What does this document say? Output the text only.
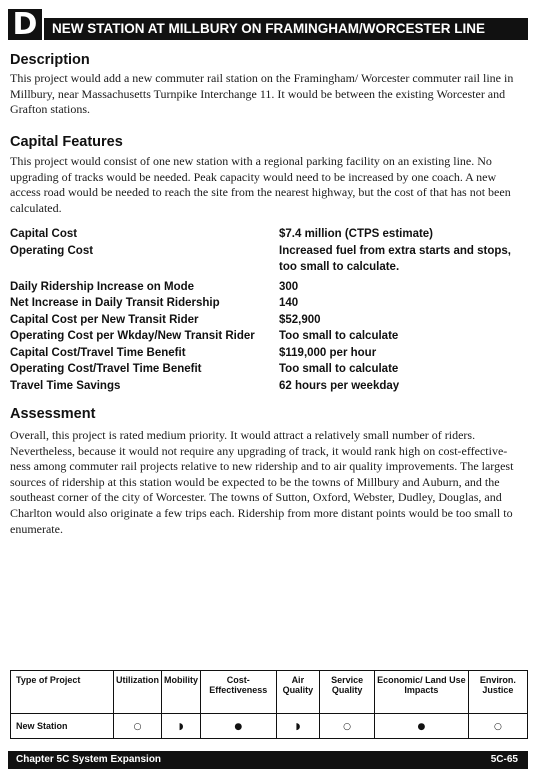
D	NEW STATION AT MILLBURY ON FRAMINGHAM/WORCESTER LINE
Description

This project would add a new commuter rail station on the Framingham/ Worcester commuter rail line in Millbury, near Massachusetts Turnpike Interchange 11. It would be between the existing Worcester and Grafton stations.

Capital Features

This project would consist of one new station with a regional parking facility on an existing line. No upgrading of tracks would be needed. Peak capacity would need to be increased by one coach. A new access road would be needed to reach the site from the nearest highway, but the cost of that has not been calculated.

Capital Cost	$7.4 million (CTPS estimate)
Operating Cost	Increased fuel from extra starts and stops, too small to calculate.
Daily Ridership Increase on Mode	300
Net Increase in Daily Transit Ridership	140
Capital Cost per New Transit Rider	$52,900
Operating Cost per Wkday/New Transit Rider	Too small to calculate
Capital Cost/Travel Time Benefit	$119,000 per hour
Operating Cost/Travel Time Benefit	Too small to calculate
Travel Time Savings	62 hours per weekday
Assessment

Overall, this project is rated medium priority. It would attract a relatively small number of riders. Nevertheless, because it would not require any upgrading of track, it would rank high on cost-effective-ness among commuter rail projects relative to new ridership and to air quality improvements. The largest sources of ridership at this station would be expected to be the towns of Millbury and Auburn, and the southeast corner of the city of Worcester. The towns of Sutton, Oxford, Webster, Dudley, Douglas, and Charlton would also originate a few trips each. Ridership from more distant points would be too small to enumerate.

Type of Project	Utilization	Mobility	Cost-Effectiveness	Air Quality	Service Quality	Economic/ Land Use Impacts	Environ. Justice
New Station	○	◗	●	◗	○	●	○
Chapter 5C System Expansion	5C-65
